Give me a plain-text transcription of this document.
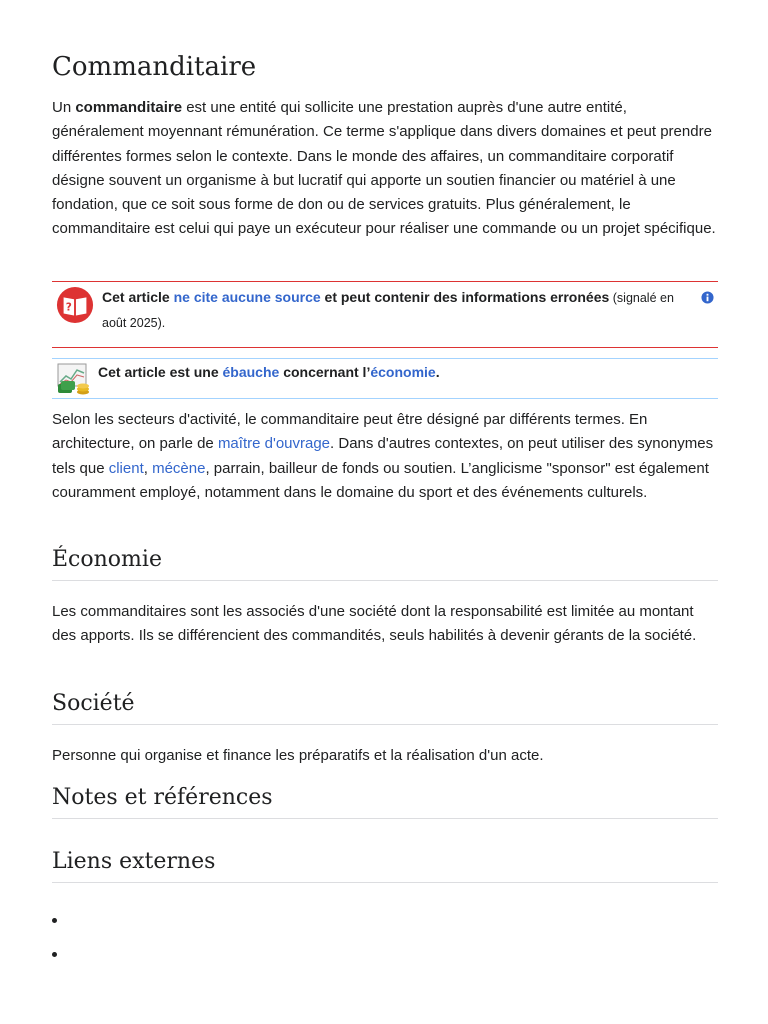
Commanditaire

Un commanditaire est une entité qui sollicite une prestation auprès d'une autre entité, généralement moyennant rémunération. Ce terme s'applique dans divers domaines et peut prendre différentes formes selon le contexte. Dans le monde des affaires, un commanditaire corporatif désigne souvent un organisme à but lucratif qui apporte un soutien financier ou matériel à une fondation, que ce soit sous forme de don ou de services gratuits. Plus généralement, le commanditaire est celui qui paye un exécuteur pour réaliser une commande ou un projet spécifique.

?
Cet article ne cite aucune source et peut contenir des informations erronées (signalé en août 2025).
Cet article est une ébauche concernant l’économie.

Selon les secteurs d'activité, le commanditaire peut être désigné par différents termes. En architecture, on parle de maître d'ouvrage. Dans d'autres contextes, on peut utiliser des synonymes tels que client, mécène, parrain, bailleur de fonds ou soutien. L’anglicisme "sponsor" est également couramment employé, notamment dans le domaine du sport et des événements culturels.

Économie

Les commanditaires sont les associés d'une société dont la responsabilité est limitée au montant des apports. Ils se différencient des commandités, seuls habilités à devenir gérants de la société.

Société

Personne qui organise et finance les préparatifs et la réalisation d'un acte.

Notes et références
Liens externes
